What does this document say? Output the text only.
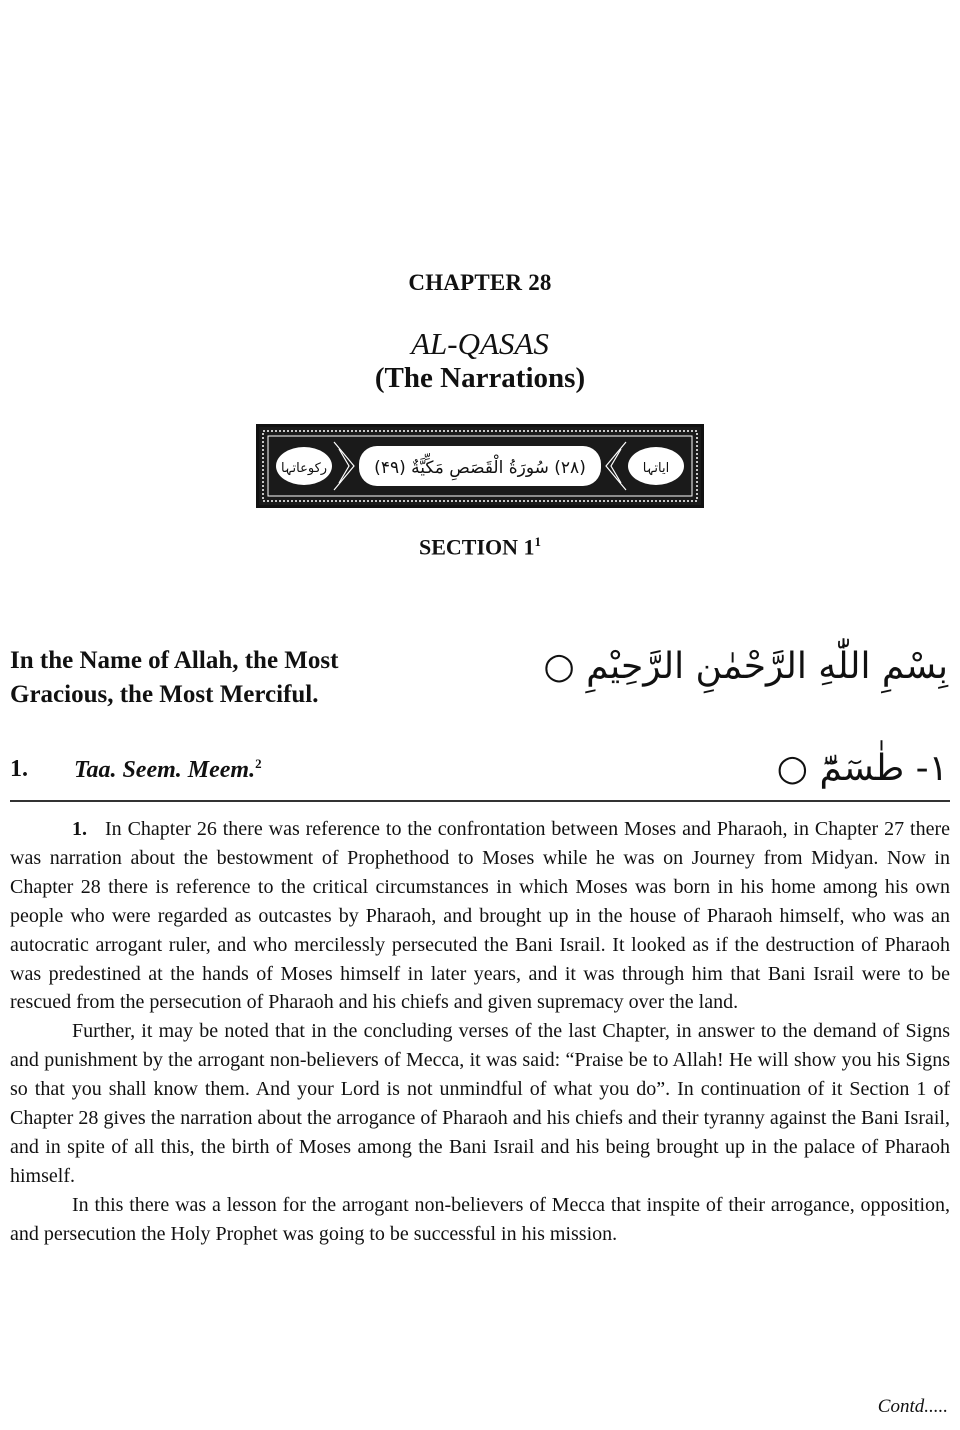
CHAPTER 28
AL-QASAS
(The Narrations)
(۲۸) سُورَةُ الْقَصَصِ مَكِّيَّةٌ (۴۹)
رکوعاتہا	ایاتہا
SECTION $1^1$
In the Name of Allah, the Most Gracious, the Most Merciful.
بِسْمِ اللّٰهِ الرَّحْمٰنِ الرَّحِيْمِ ○
1. Taa. Seem. Meem.$^2$	١- طٰسٓمّٓ ○

1. In Chapter 26 there was reference to the confrontation between Moses and Pharaoh, in Chapter 27 there was narration about the bestowment of Prophethood to Moses while he was on Journey from Midyan. Now in Chapter 28 there is reference to the critical circumstances in which Moses was born in his home among his own people who were regarded as outcastes by Pharaoh, and brought up in the house of Pharaoh himself, who was an autocratic arrogant ruler, and who mercilessly persecuted the Bani Israil. It looked as if the destruction of Pharaoh was predestined at the hands of Moses himself in later years, and it was through him that Bani Israil were to be rescued from the persecution of Pharaoh and his chiefs and given supremacy over the land.

Further, it may be noted that in the concluding verses of the last Chapter, in answer to the demand of Signs and punishment by the arrogant non-believers of Mecca, it was said: “Praise be to Allah! He will show you his Signs so that you shall know them. And your Lord is not unmindful of what you do”. In continuation of it Section 1 of Chapter 28 gives the narration about the arrogance of Pharaoh and his chiefs and their tyranny against the Bani Israil, and in spite of all this, the birth of Moses among the Bani Israil and his being brought up in the palace of Pharaoh himself.

In this there was a lesson for the arrogant non-believers of Mecca that inspite of their arrogance, opposition, and persecution the Holy Prophet was going to be successful in his mission.

Contd.....
